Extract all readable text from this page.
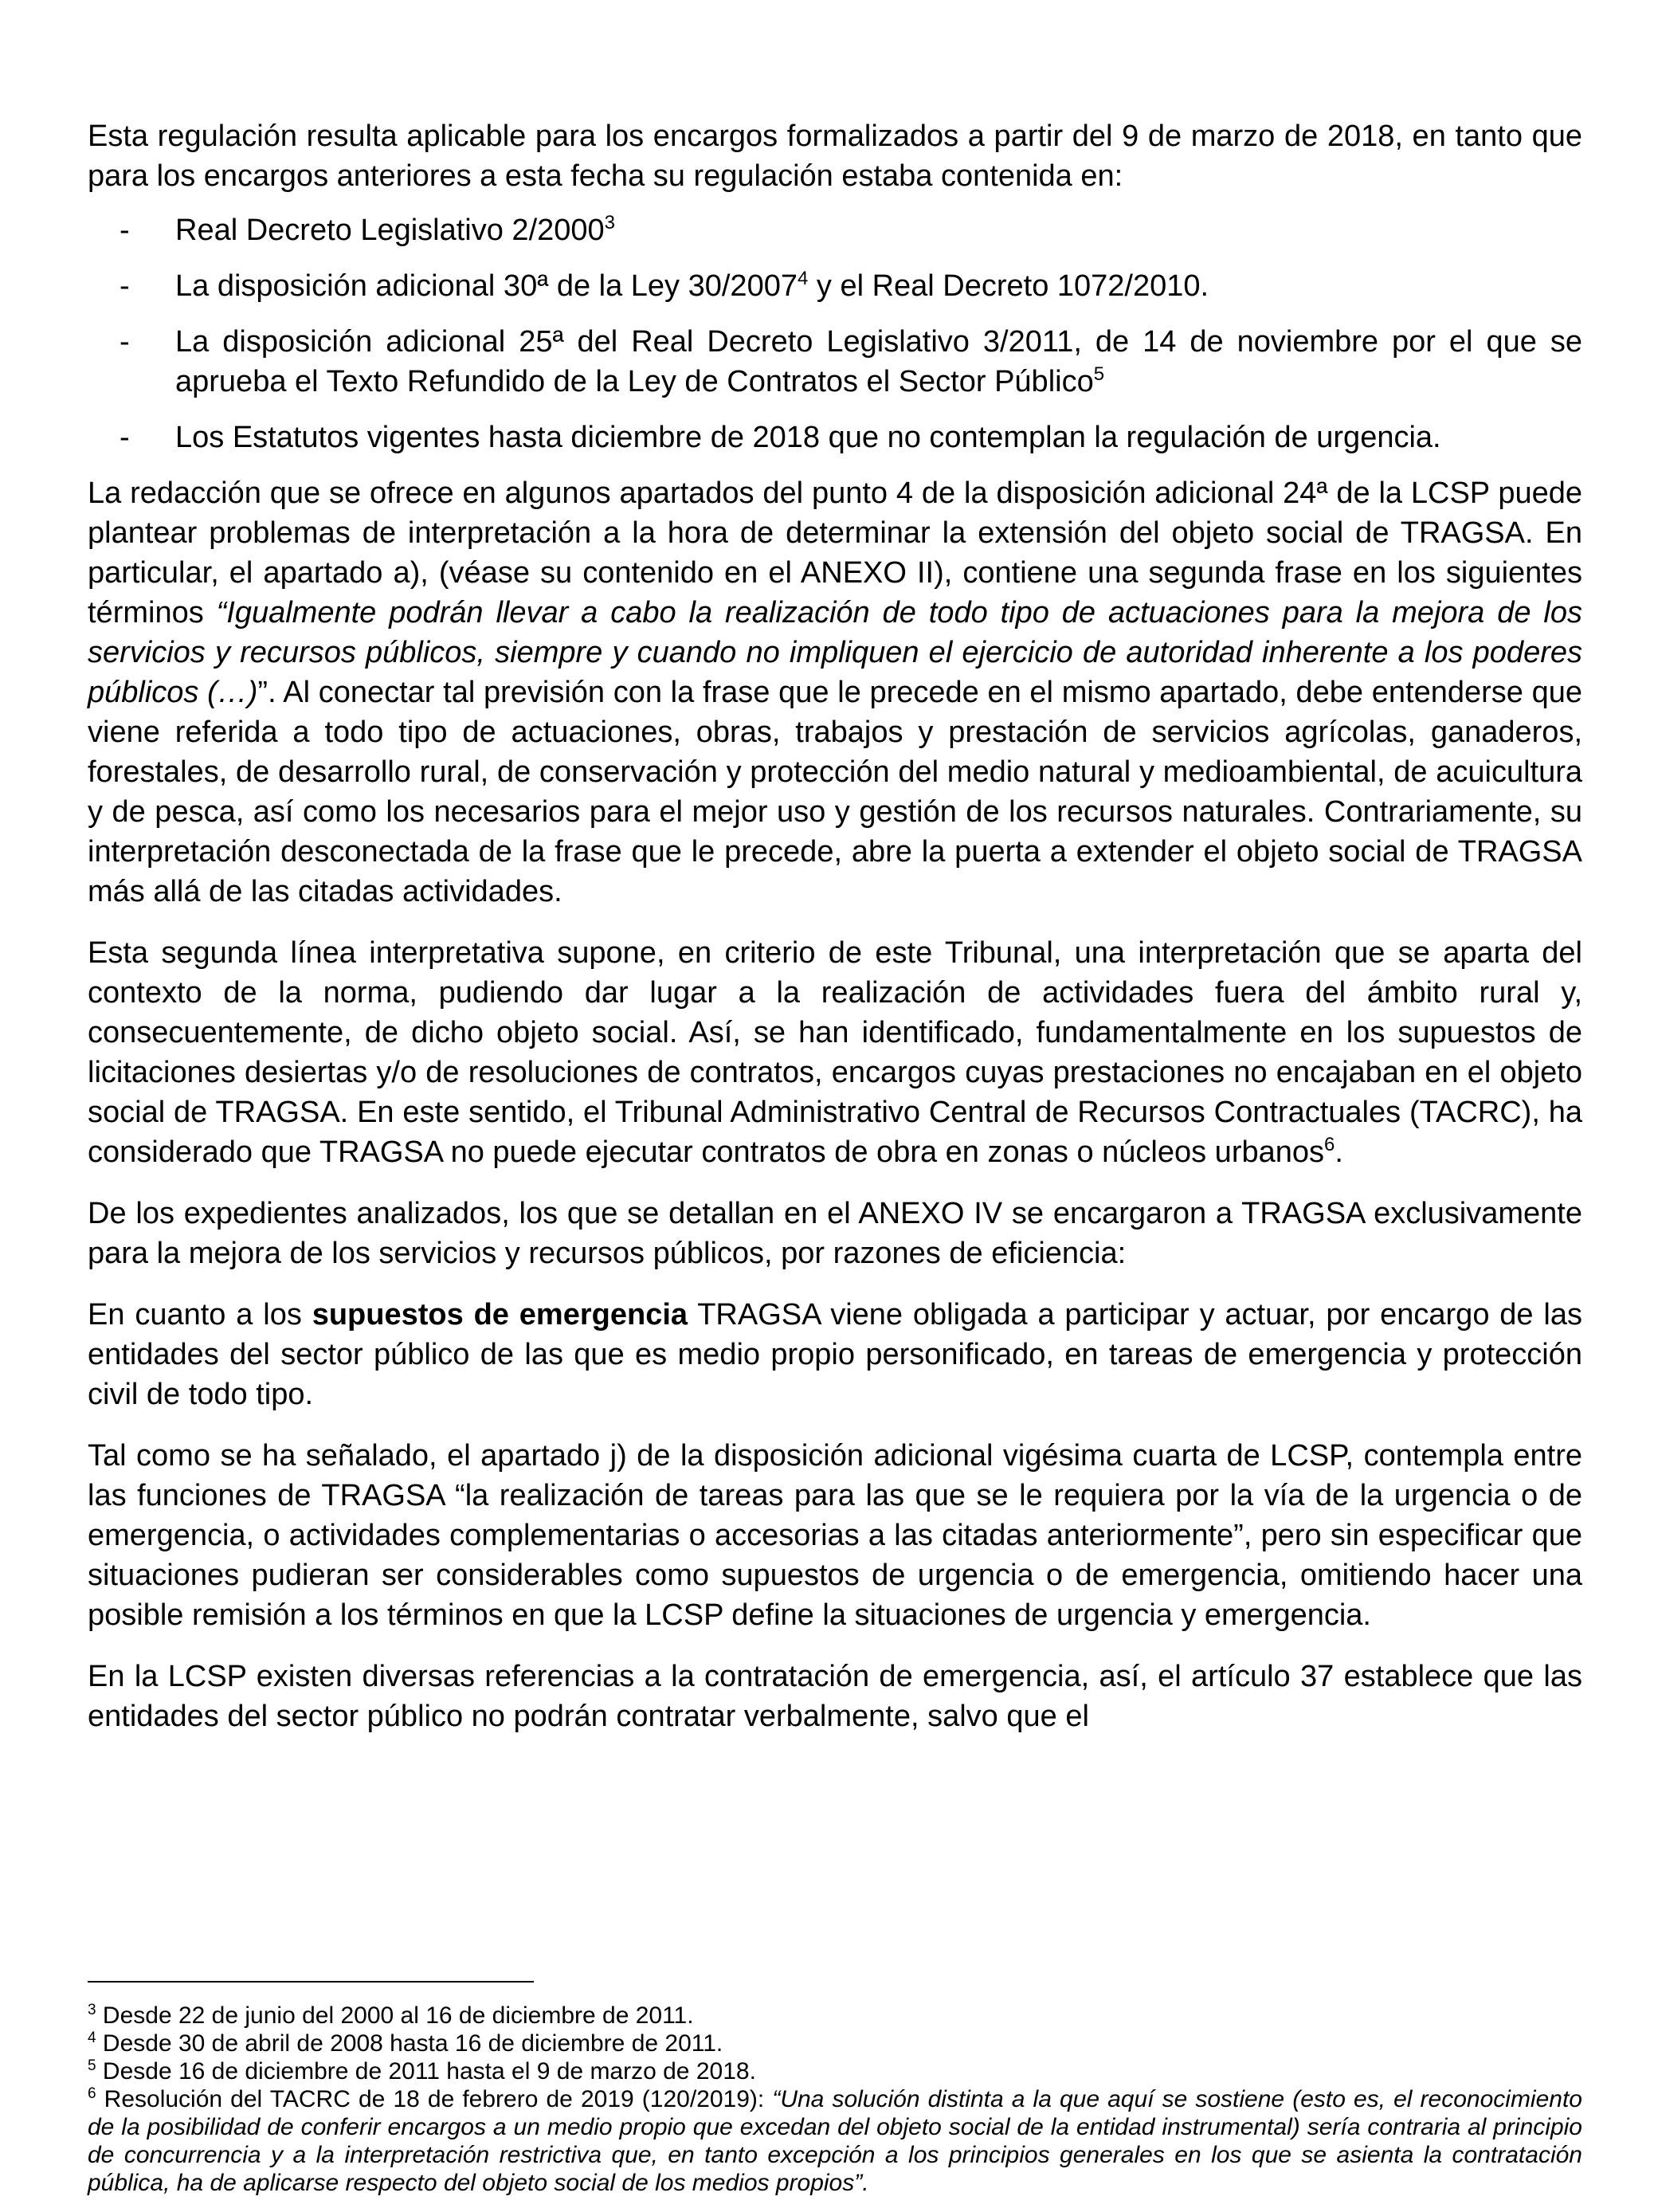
Esta regulación resulta aplicable para los encargos formalizados a partir del 9 de marzo de 2018, en tanto que para los encargos anteriores a esta fecha su regulación estaba contenida en:

- Real Decreto Legislativo 2/2000$^3$
- La disposición adicional 30ª de la Ley 30/2007$^4$ y el Real Decreto 1072/2010.
- La disposición adicional 25ª del Real Decreto Legislativo 3/2011, de 14 de noviembre por el que se aprueba el Texto Refundido de la Ley de Contratos el Sector Público$^5$
- Los Estatutos vigentes hasta diciembre de 2018 que no contemplan la regulación de urgencia.

La redacción que se ofrece en algunos apartados del punto 4 de la disposición adicional 24ª de la LCSP puede plantear problemas de interpretación a la hora de determinar la extensión del objeto social de TRAGSA. En particular, el apartado a), (véase su contenido en el ANEXO II), contiene una segunda frase en los siguientes términos “Igualmente podrán llevar a cabo la realización de todo tipo de actuaciones para la mejora de los servicios y recursos públicos, siempre y cuando no impliquen el ejercicio de autoridad inherente a los poderes públicos (…)”. Al conectar tal previsión con la frase que le precede en el mismo apartado, debe entenderse que viene referida a todo tipo de actuaciones, obras, trabajos y prestación de servicios agrícolas, ganaderos, forestales, de desarrollo rural, de conservación y protección del medio natural y medioambiental, de acuicultura y de pesca, así como los necesarios para el mejor uso y gestión de los recursos naturales. Contrariamente, su interpretación desconectada de la frase que le precede, abre la puerta a extender el objeto social de TRAGSA más allá de las citadas actividades.

Esta segunda línea interpretativa supone, en criterio de este Tribunal, una interpretación que se aparta del contexto de la norma, pudiendo dar lugar a la realización de actividades fuera del ámbito rural y, consecuentemente, de dicho objeto social. Así, se han identificado, fundamentalmente en los supuestos de licitaciones desiertas y/o de resoluciones de contratos, encargos cuyas prestaciones no encajaban en el objeto social de TRAGSA. En este sentido, el Tribunal Administrativo Central de Recursos Contractuales (TACRC), ha considerado que TRAGSA no puede ejecutar contratos de obra en zonas o núcleos urbanos$^6$.

De los expedientes analizados, los que se detallan en el ANEXO IV se encargaron a TRAGSA exclusivamente para la mejora de los servicios y recursos públicos, por razones de eficiencia:

En cuanto a los supuestos de emergencia TRAGSA viene obligada a participar y actuar, por encargo de las entidades del sector público de las que es medio propio personificado, en tareas de emergencia y protección civil de todo tipo.

Tal como se ha señalado, el apartado j) de la disposición adicional vigésima cuarta de LCSP, contempla entre las funciones de TRAGSA “la realización de tareas para las que se le requiera por la vía de la urgencia o de emergencia, o actividades complementarias o accesorias a las citadas anteriormente”, pero sin especificar que situaciones pudieran ser considerables como supuestos de urgencia o de emergencia, omitiendo hacer una posible remisión a los términos en que la LCSP define la situaciones de urgencia y emergencia.

En la LCSP existen diversas referencias a la contratación de emergencia, así, el artículo 37 establece que las entidades del sector público no podrán contratar verbalmente, salvo que el

$^3$ Desde 22 de junio del 2000 al 16 de diciembre de 2011.
$^4$ Desde 30 de abril de 2008 hasta 16 de diciembre de 2011.
$^5$ Desde 16 de diciembre de 2011 hasta el 9 de marzo de 2018.
$^6$ Resolución del TACRC de 18 de febrero de 2019 (120/2019): “Una solución distinta a la que aquí se sostiene (esto es, el reconocimiento de la posibilidad de conferir encargos a un medio propio que excedan del objeto social de la entidad instrumental) sería contraria al principio de concurrencia y a la interpretación restrictiva que, en tanto excepción a los principios generales en los que se asienta la contratación pública, ha de aplicarse respecto del objeto social de los medios propios”.
